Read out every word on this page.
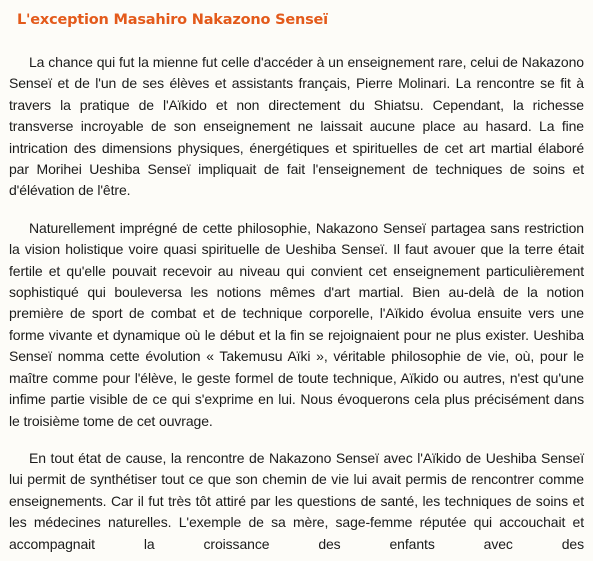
L'exception Masahiro Nakazono Senseï

La chance qui fut la mienne fut celle d'accéder à un enseignement rare, celui de Nakazono Senseï et de l'un de ses élèves et assistants français, Pierre Molinari. La rencontre se fit à travers la pratique de l'Aïkido et non directement du Shiatsu. Cependant, la richesse transverse incroyable de son enseignement ne laissait aucune place au hasard. La fine intrication des dimensions physiques, énergétiques et spirituelles de cet art martial élaboré par Morihei Ueshiba Senseï impliquait de fait l'enseignement de techniques de soins et d'élévation de l'être.

Naturellement imprégné de cette philosophie, Nakazono Senseï partagea sans restriction la vision holistique voire quasi spirituelle de Ueshiba Senseï. Il faut avouer que la terre était fertile et qu'elle pouvait recevoir au niveau qui convient cet enseignement particulièrement sophistiqué qui bouleversa les notions mêmes d'art martial. Bien au-delà de la notion première de sport de combat et de technique corporelle, l'Aïkido évolua ensuite vers une forme vivante et dynamique où le début et la fin se rejoignaient pour ne plus exister. Ueshiba Senseï nomma cette évolution « Takemusu Aïki », véritable philosophie de vie, où, pour le maître comme pour l'élève, le geste formel de toute technique, Aïkido ou autres, n'est qu'une infime partie visible de ce qui s'exprime en lui. Nous évoquerons cela plus précisément dans le troisième tome de cet ouvrage.

En tout état de cause, la rencontre de Nakazono Senseï avec l'Aïkido de Ueshiba Senseï lui permit de synthétiser tout ce que son chemin de vie lui avait permis de rencontrer comme enseignements. Car il fut très tôt attiré par les questions de santé, les techniques de soins et les médecines naturelles. L'exemple de sa mère, sage-femme réputée qui accouchait et accompagnait la croissance des enfants avec des
